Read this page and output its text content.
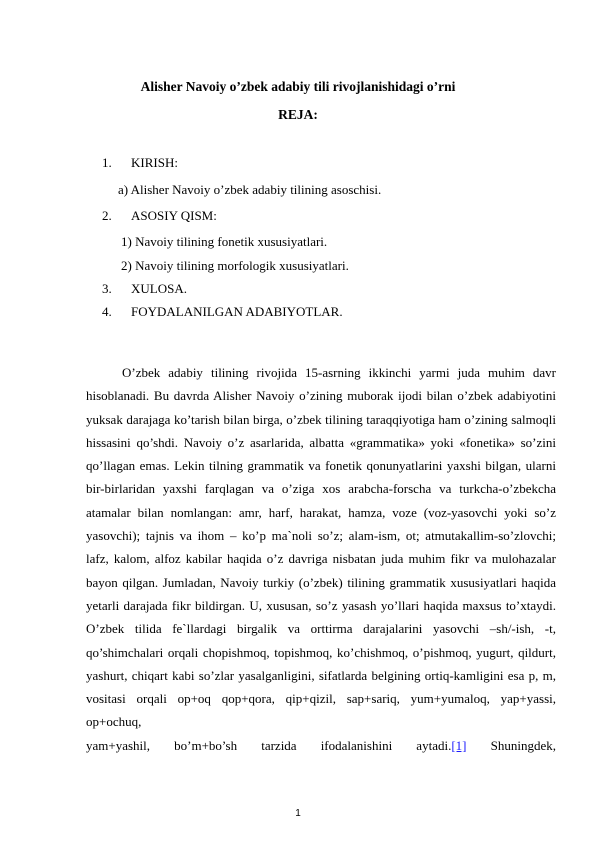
Alisher Navoiy o’zbek adabiy tili rivojlanishidagi o’rni
REJA:
1. KIRISH:
a) Alisher Navoiy o’zbek adabiy tilining asoschisi.
2. ASOSIY QISM:
1) Navoiy tilining fonetik xususiyatlari.
2) Navoiy tilining morfologik xususiyatlari.
3. XULOSA.
4. FOYDALANILGAN ADABIYOTLAR.

O’zbek adabiy tilining rivojida 15-asrning ikkinchi yarmi juda muhim davr hisoblanadi. Bu davrda Alisher Navoiy o’zining muborak ijodi bilan o’zbek adabiyotini yuksak darajaga ko’tarish bilan birga, o’zbek tilining taraqqiyotiga ham o’zining salmoqli hissasini qo’shdi. Navoiy o’z asarlarida, albatta «grammatika» yoki «fonetika» so’zini qo’llagan emas. Lekin tilning grammatik va fonetik qonunyatlarini yaxshi bilgan, ularni bir-birlaridan yaxshi farqlagan va o’ziga xos arabcha-forscha va turkcha-o’zbekcha atamalar bilan nomlangan: amr, harf, harakat, hamza, voze (voz-yasovchi yoki so’z yasovchi); tajnis va ihom – ko’p ma`noli so’z; alam-ism, ot; atmutakallim-so’zlovchi; lafz, kalom, alfoz kabilar haqida o’z davriga nisbatan juda muhim fikr va mulohazalar bayon qilgan. Jumladan, Navoiy turkiy (o’zbek) tilining grammatik xususiyatlari haqida yetarli darajada fikr bildirgan. U, xususan, so’z yasash yo’llari haqida maxsus to’xtaydi. O’zbek tilida fe`llardagi birgalik va orttirma darajalarini yasovchi –sh/-ish, -t, qo’shimchalari orqali chopishmoq, topishmoq, ko’chishmoq, o’pishmoq, yugurt, qildurt, yashurt, chiqart kabi so’zlar yasalganligini, sifatlarda belgining ortiq-kamligini esa p, m, vositasi orqali op+oq qop+qora, qip+qizil, sap+sariq, yum+yumaloq, yap+yassi, op+ochuq,
yam+yashil, bo’m+bo’sh tarzida ifodalanishini aytadi.[1] Shuningdek,

1
